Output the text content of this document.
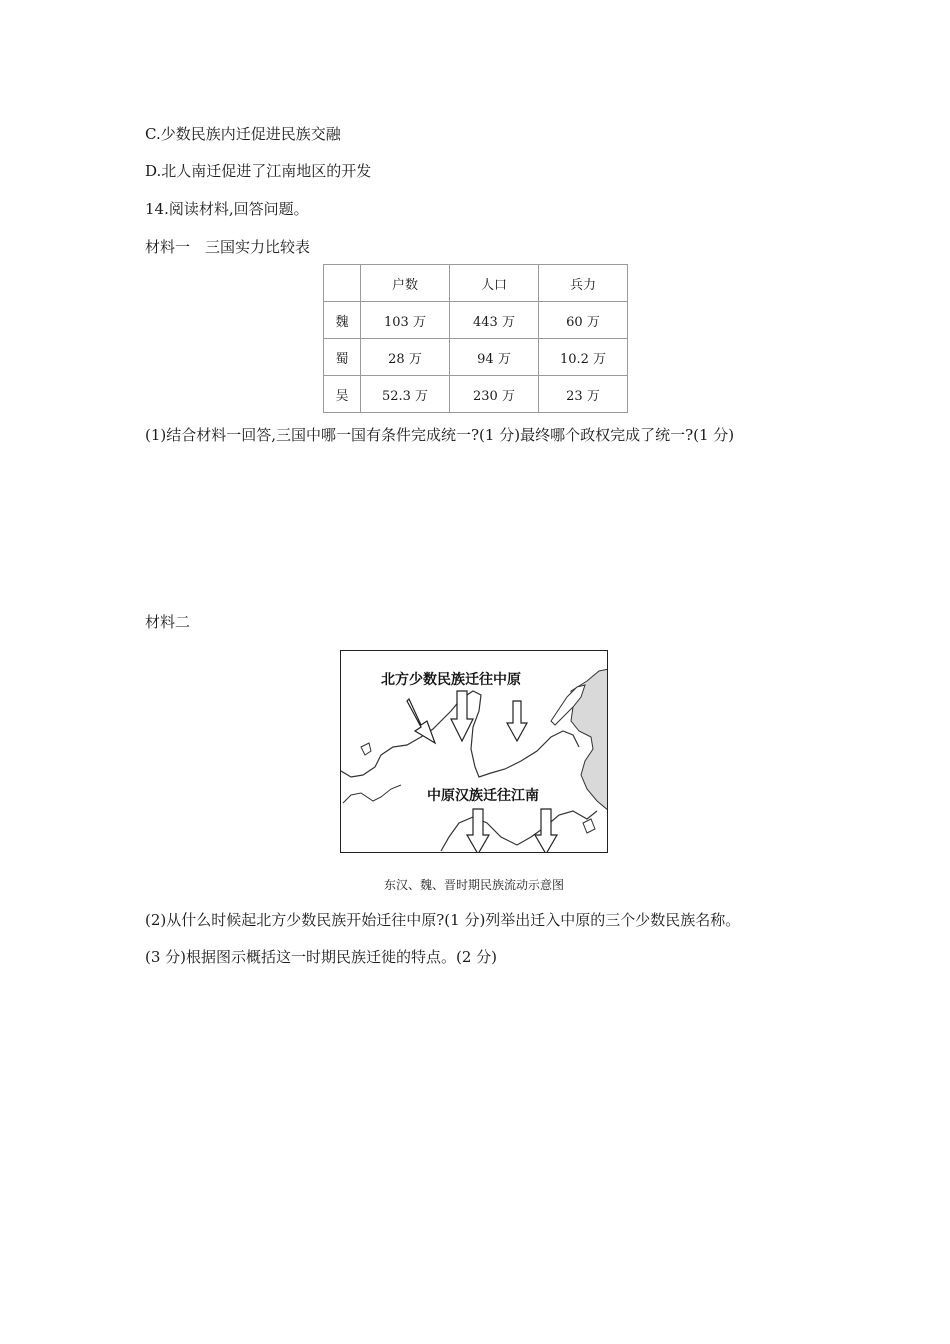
C.少数民族内迁促进民族交融
D.北人南迁促进了江南地区的开发
14.阅读材料,回答问题。
材料一　三国实力比较表
	户数	人口	兵力
魏	103 万	443 万	60 万
蜀	28 万	94 万	10.2 万
吴	52.3 万	230 万	23 万
(1)结合材料一回答,三国中哪一国有条件完成统一?(1 分)最终哪个政权完成了统一?(1 分)
材料二
北方少数民族迁往中原
中原汉族迁往江南
东汉、魏、晋时期民族流动示意图
(2)从什么时候起北方少数民族开始迁往中原?(1 分)列举出迁入中原的三个少数民族名称。
(3 分)根据图示概括这一时期民族迁徙的特点。(2 分)
